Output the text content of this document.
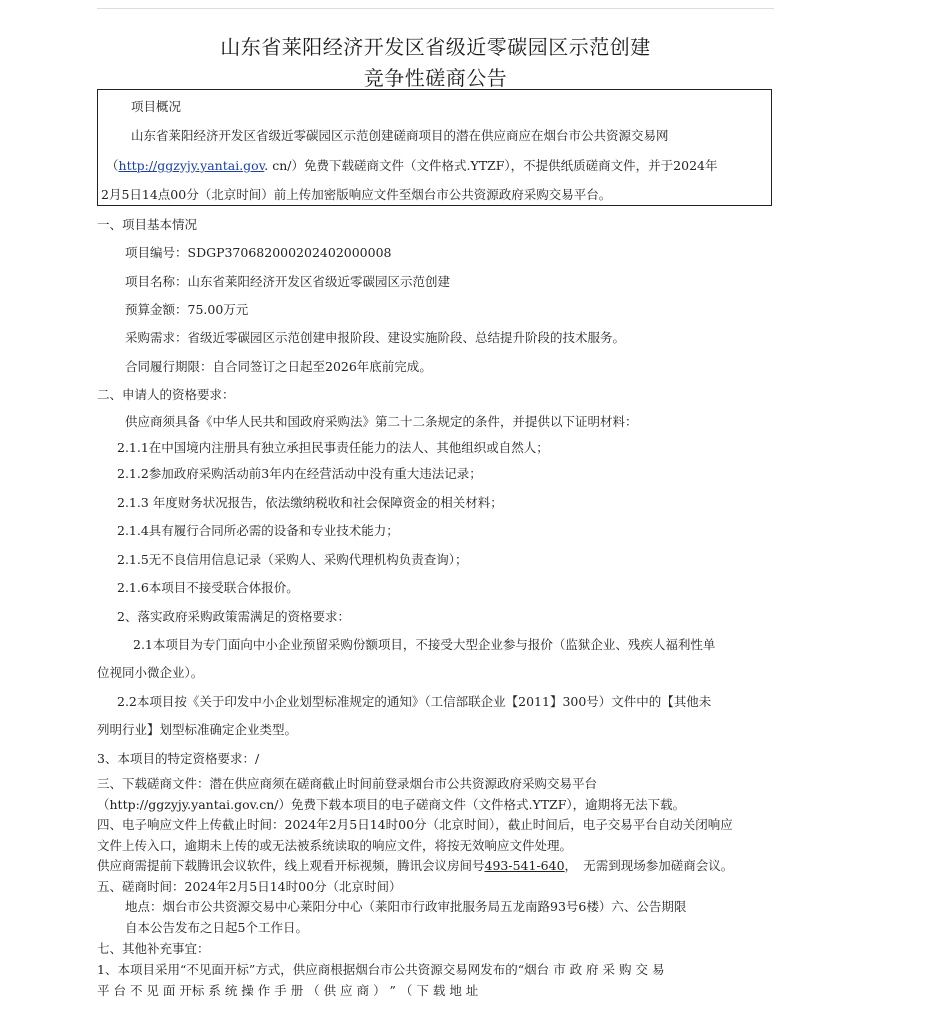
山东省莱阳经济开发区省级近零碳园区示范创建
竞争性磋商公告
项目概况
山东省莱阳经济开发区省级近零碳园区示范创建磋商项目的潜在供应商应在烟台市公共资源交易网
（http://ggzyjy.yantai.gov. cn/）免费下载磋商文件（文件格式.YTZF），不提供纸质磋商文件，并于2024年
2月5日14点00分（北京时间）前上传加密版响应文件至烟台市公共资源政府采购交易平台。
一、项目基本情况
项目编号：SDGP370682000202402000008
项目名称：山东省莱阳经济开发区省级近零碳园区示范创建
预算金额：75.00万元
采购需求：省级近零碳园区示范创建申报阶段、建设实施阶段、总结提升阶段的技术服务。
合同履行期限：自合同签订之日起至2026年底前完成。
二、申请人的资格要求：
供应商须具备《中华人民共和国政府采购法》第二十二条规定的条件，并提供以下证明材料：
2.1.1在中国境内注册具有独立承担民事责任能力的法人、其他组织或自然人；
2.1.2参加政府采购活动前3年内在经营活动中没有重大违法记录；
2.1.3 年度财务状况报告，依法缴纳税收和社会保障资金的相关材料；
2.1.4具有履行合同所必需的设备和专业技术能力；
2.1.5无不良信用信息记录（采购人、采购代理机构负责查询）；
2.1.6本项目不接受联合体报价。
2、落实政府采购政策需满足的资格要求：
2.1本项目为专门面向中小企业预留采购份额项目，不接受大型企业参与报价（监狱企业、残疾人福利性单
位视同小微企业）。
2.2本项目按《关于印发中小企业划型标准规定的通知》（工信部联企业【2011】300号）文件中的【其他未
列明行业】划型标准确定企业类型。
3、本项目的特定资格要求：/
三、下载磋商文件：潜在供应商须在磋商截止时间前登录烟台市公共资源政府采购交易平台
（http://ggzyjy.yantai.gov.cn/）免费下载本项目的电子磋商文件（文件格式.YTZF），逾期将无法下载。
四、电子响应文件上传截止时间：2024年2月5日14时00分（北京时间），截止时间后，电子交易平台自动关闭响应
文件上传入口，逾期未上传的或无法被系统读取的响应文件，将按无效响应文件处理。
供应商需提前下载腾讯会议软件，线上观看开标视频，腾讯会议房间号493-541-640，　无需到现场参加磋商会议。
五、磋商时间：2024年2月5日14时00分（北京时间）
地点：烟台市公共资源交易中心莱阳分中心（莱阳市行政审批服务局五龙南路93号6楼）六、公告期限
自本公告发布之日起5个工作日。
七、其他补充事宜：
1、本项目采用“不见面开标”方式，供应商根据烟台市公共资源交易网发布的“烟台 市 政 府 采 购 交 易
平 台 不 见 面 开标 系 统 操 作 手 册 （ 供 应 商 ） ” （ 下 载 地 址
